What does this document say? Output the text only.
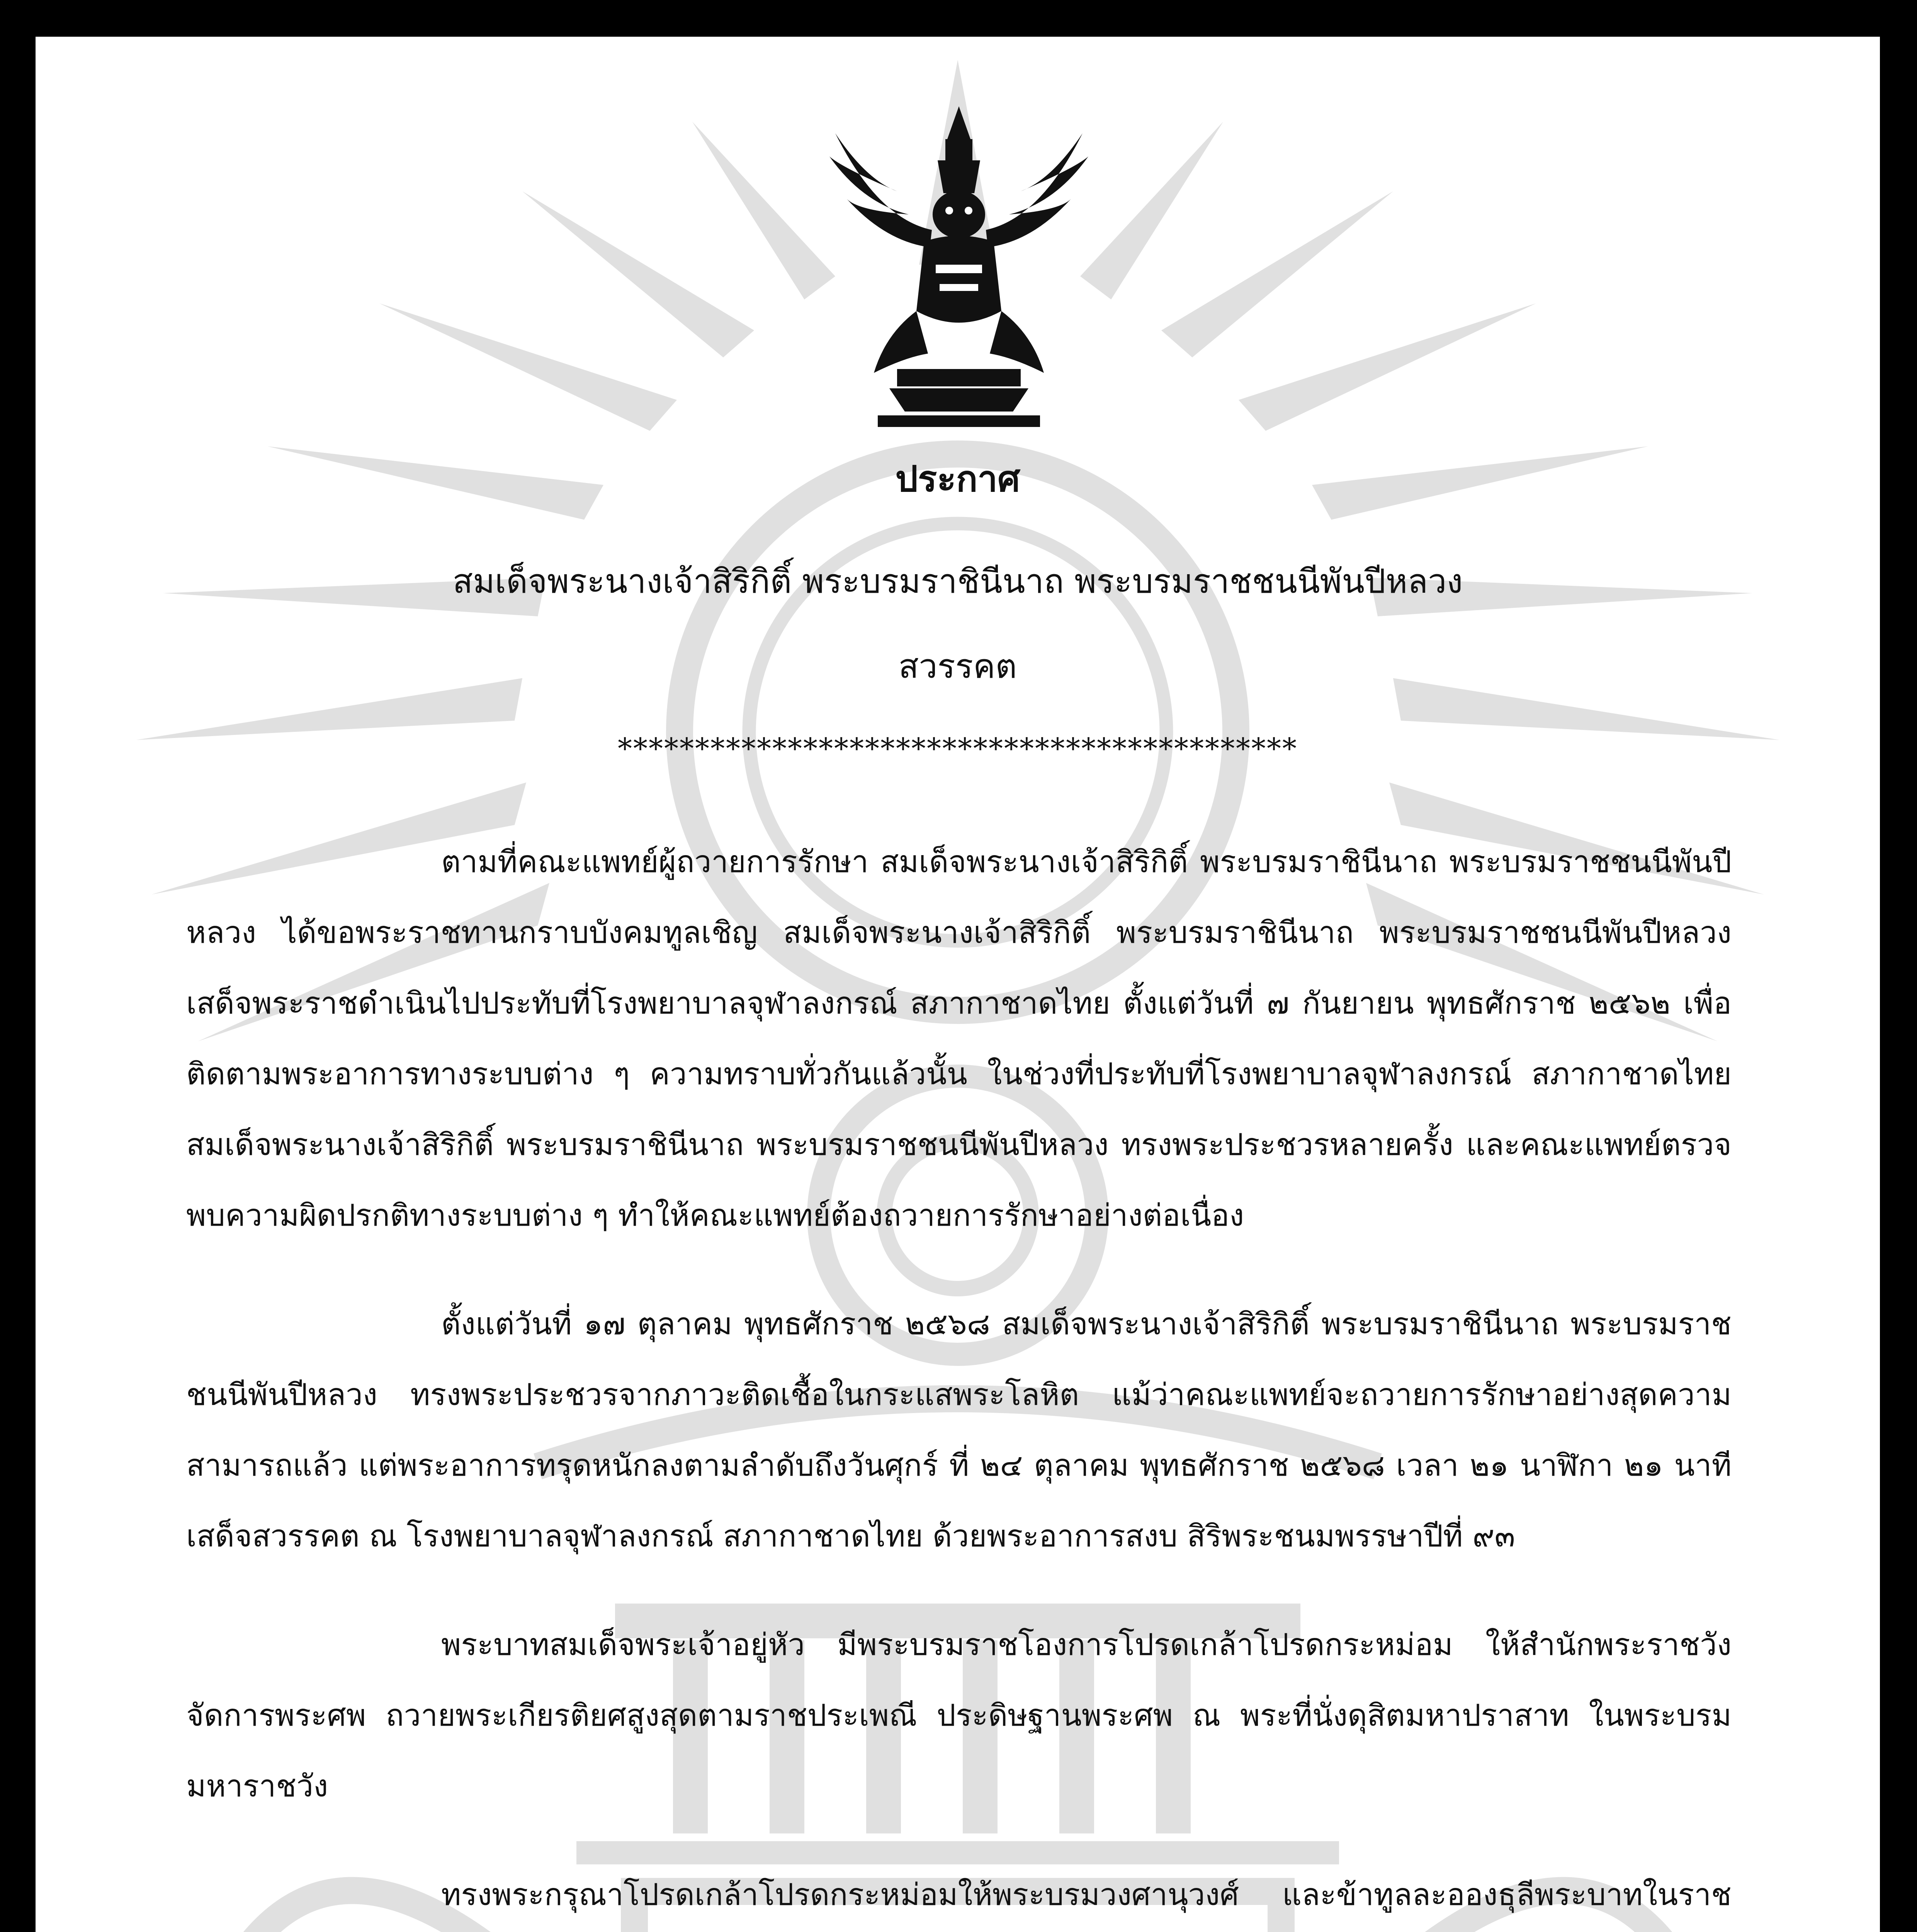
ประกาศ
สมเด็จพระนางเจ้าสิริกิติ์ พระบรมราชินีนาถ พระบรมราชชนนีพันปีหลวง
สวรรคต
********************************************

ตามที่คณะแพทย์ผู้ถวายการรักษา สมเด็จพระนางเจ้าสิริกิติ์ พระบรมราชินีนาถ พระบรมราชชนนีพันปีหลวง ได้ขอพระราชทานกราบบังคมทูลเชิญ สมเด็จพระนางเจ้าสิริกิติ์ พระบรมราชินีนาถ พระบรมราชชนนีพันปีหลวง เสด็จพระราชดำเนินไปประทับที่โรงพยาบาลจุฬาลงกรณ์ สภากาชาดไทย ตั้งแต่วันที่ ๗ กันยายน พุทธศักราช ๒๕๖๒ เพื่อติดตามพระอาการทางระบบต่าง ๆ ความทราบทั่วกันแล้วนั้น ในช่วงที่ประทับที่โรงพยาบาลจุฬาลงกรณ์ สภากาชาดไทย สมเด็จพระนางเจ้าสิริกิติ์ พระบรมราชินีนาถ พระบรมราชชนนีพันปีหลวง ทรงพระประชวรหลายครั้ง และคณะแพทย์ตรวจพบความผิดปรกติทางระบบต่าง ๆ ทำให้คณะแพทย์ต้องถวายการรักษาอย่างต่อเนื่อง

ตั้งแต่วันที่ ๑๗ ตุลาคม พุทธศักราช ๒๕๖๘ สมเด็จพระนางเจ้าสิริกิติ์ พระบรมราชินีนาถ พระบรมราชชนนีพันปีหลวง ทรงพระประชวรจากภาวะติดเชื้อในกระแสพระโลหิต แม้ว่าคณะแพทย์จะถวายการรักษาอย่างสุดความสามารถแล้ว แต่พระอาการทรุดหนักลงตามลำดับถึงวันศุกร์ ที่ ๒๔ ตุลาคม พุทธศักราช ๒๕๖๘ เวลา ๒๑ นาฬิกา ๒๑ นาที เสด็จสวรรคต ณ โรงพยาบาลจุฬาลงกรณ์ สภากาชาดไทย ด้วยพระอาการสงบ สิริพระชนมพรรษาปีที่ ๙๓

พระบาทสมเด็จพระเจ้าอยู่หัว มีพระบรมราชโองการโปรดเกล้าโปรดกระหม่อม ให้สำนักพระราชวัง จัดการพระศพ ถวายพระเกียรติยศสูงสุดตามราชประเพณี ประดิษฐานพระศพ ณ พระที่นั่งดุสิตมหาปราสาท ในพระบรมมหาราชวัง

ทรงพระกรุณาโปรดเกล้าโปรดกระหม่อมให้พระบรมวงศานุวงศ์ และข้าทูลละอองธุลีพระบาทในราช
